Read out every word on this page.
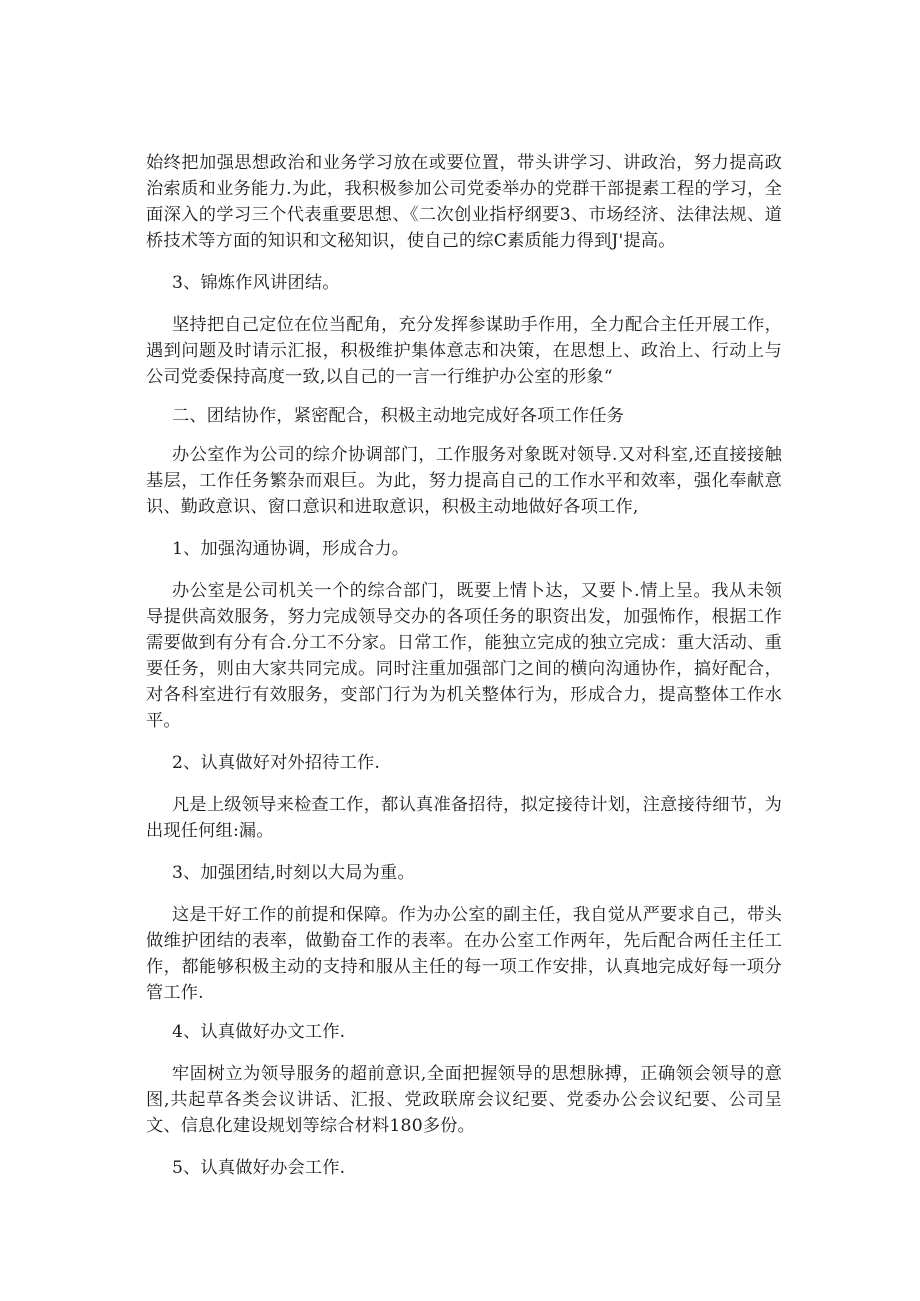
始终把加强思想政治和业务学习放在或要位置，带头讲学习、讲政治，努力提高政治索质和业务能力.为此，我积极参加公司党委举办的党群干部提素工程的学习，全面深入的学习三个代表重要思想、《二次创业指杼纲要3、市场经济、法律法规、道桥技术等方面的知识和文秘知识，使自己的综C素质能力得到J'提高。

3、锦炼作风讲团结。

坚持把自己定位在位当配角，充分发挥参谋助手作用，全力配合主任开展工作，遇到问题及时请示汇报，积极维护集体意志和决策，在思想上、政治上、行动上与公司党委保持高度一致,以自己的一言一行维护办公室的形象“

二、团结协作，紧密配合，积极主动地完成好各项工作任务

办公室作为公司的综介协调部门，工作服务对象既对领导.又对科室,还直接接触基层，工作任务繁杂而艰巨。为此，努力提高自己的工作水平和效率，强化奉献意识、勤政意识、窗口意识和进取意识，积极主动地做好各项工作,

1、加强沟通协调，形成合力。

办公室是公司机关一个的综合部门，既要上情卜达，又要卜.情上呈。我从未领导提供高效服务，努力完成领导交办的各项任务的职资出发，加强怖作，根据工作需要做到有分有合.分工不分家。日常工作，能独立完成的独立完成：重大活动、重要任务，则由大家共同完成。同时注重加强部门之间的横向沟通协作，搞好配合，对各科室进行有效服务，变部门行为为机关整体行为，形成合力，提高整体工作水平。

2、认真做好对外招待工作.

凡是上级领导来检查工作，都认真准备招待，拟定接待计划，注意接待细节，为出现任何组:漏。

3、加强团结,时刻以大局为重。

这是干好工作的前提和保障。作为办公室的副主任，我自觉从严要求自己，带头做维护团结的表率，做勤奋工作的表率。在办公室工作两年，先后配合两任主任工作，都能够积极主动的支持和服从主任的每一项工作安排，认真地完成好每一项分管工作.

4、认真做好办文工作.

牢固树立为领导服务的超前意识,全面把握领导的思想脉搏，正确领会领导的意图,共起草各类会议讲话、汇报、党政联席会议纪要、党委办公会议纪要、公司呈文、信息化建设规划等综合材料180多份。

5、认真做好办会工作.
